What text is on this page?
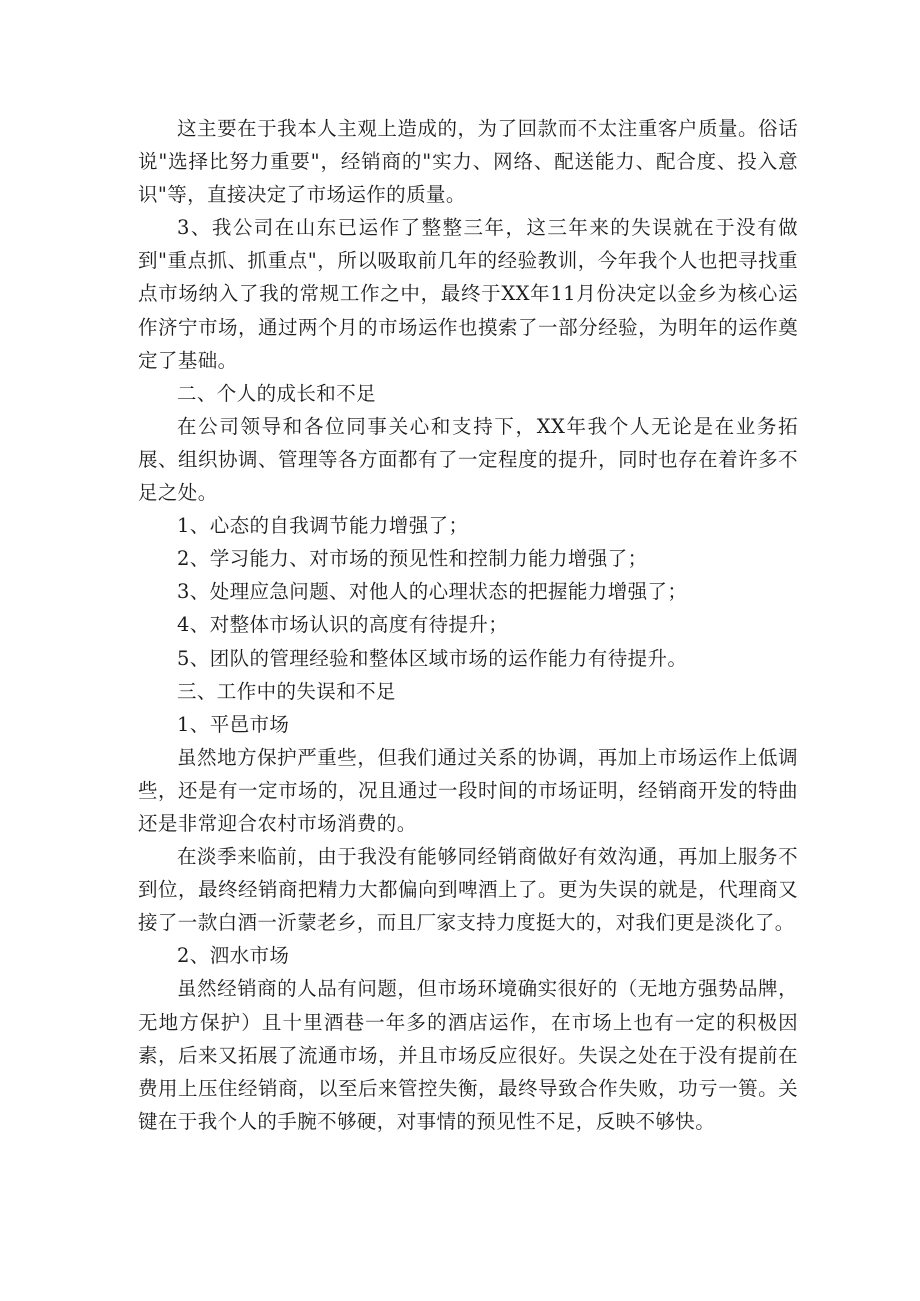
这主要在于我本人主观上造成的，为了回款而不太注重客户质量。俗话说"选择比努力重要"，经销商的"实力、网络、配送能力、配合度、投入意识"等，直接决定了市场运作的质量。

3、我公司在山东已运作了整整三年，这三年来的失误就在于没有做到"重点抓、抓重点"，所以吸取前几年的经验教训，今年我个人也把寻找重点市场纳入了我的常规工作之中，最终于XX年11月份决定以金乡为核心运作济宁市场，通过两个月的市场运作也摸索了一部分经验，为明年的运作奠定了基础。

二、个人的成长和不足

在公司领导和各位同事关心和支持下，XX年我个人无论是在业务拓展、组织协调、管理等各方面都有了一定程度的提升，同时也存在着许多不足之处。

1、心态的自我调节能力增强了；

2、学习能力、对市场的预见性和控制力能力增强了；

3、处理应急问题、对他人的心理状态的把握能力增强了；

4、对整体市场认识的高度有待提升；

5、团队的管理经验和整体区域市场的运作能力有待提升。

三、工作中的失误和不足

1、平邑市场

虽然地方保护严重些，但我们通过关系的协调，再加上市场运作上低调些，还是有一定市场的，况且通过一段时间的市场证明，经销商开发的特曲还是非常迎合农村市场消费的。

在淡季来临前，由于我没有能够同经销商做好有效沟通，再加上服务不到位，最终经销商把精力大都偏向到啤酒上了。更为失误的就是，代理商又接了一款白酒一沂蒙老乡，而且厂家支持力度挺大的，对我们更是淡化了。

2、泗水市场

虽然经销商的人品有问题，但市场环境确实很好的（无地方强势品牌，无地方保护）且十里酒巷一年多的酒店运作，在市场上也有一定的积极因素，后来又拓展了流通市场，并且市场反应很好。失误之处在于没有提前在费用上压住经销商，以至后来管控失衡，最终导致合作失败，功亏一篑。关键在于我个人的手腕不够硬，对事情的预见性不足，反映不够快。
